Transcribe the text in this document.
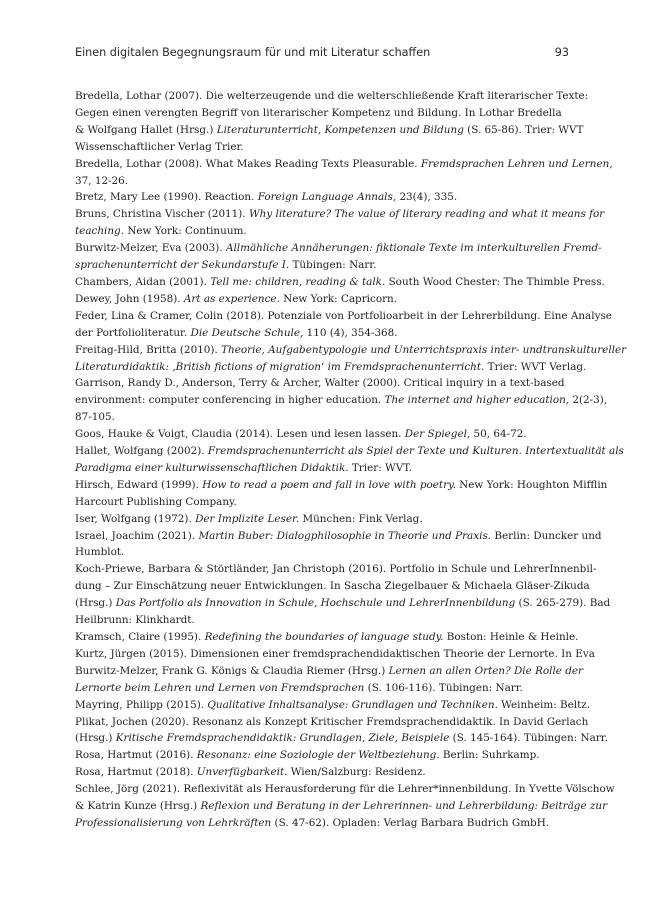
Einen digitalen Begegnungsraum für und mit Literatur schaffen	93
Bredella, Lothar (2007). Die welterzeugende und die welterschließende Kraft literarischer Texte:
Gegen einen verengten Begriff von literarischer Kompetenz und Bildung. In Lothar Bredella
& Wolfgang Hallet (Hrsg.) Literaturunterricht, Kompetenzen und Bildung (S. 65-86). Trier: WVT
Wissenschaftlicher Verlag Trier.
Bredella, Lothar (2008). What Makes Reading Texts Pleasurable. Fremdsprachen Lehren und Lernen,
37, 12-26.
Bretz, Mary Lee (1990). Reaction. Foreign Language Annals, 23(4), 335.
Bruns, Christina Vischer (2011). Why literature? The value of literary reading and what it means for
teaching. New York: Continuum.
Burwitz-Melzer, Eva (2003). Allmähliche Annäherungen: fiktionale Texte im interkulturellen Fremd-
sprachenunterricht der Sekundarstufe I. Tübingen: Narr.
Chambers, Aidan (2001). Tell me: children, reading & talk. South Wood Chester: The Thimble Press.
Dewey, John (1958). Art as experience. New York: Capricorn.
Feder, Lina & Cramer, Colin (2018). Potenziale von Portfolioarbeit in der Lehrerbildung. Eine Analyse
der Portfolioliteratur. Die Deutsche Schule, 110 (4), 354-368.
Freitag-Hild, Britta (2010). Theorie, Aufgabentypologie und Unterrichtspraxis inter- undtranskultureller
Literaturdidaktik: ‚British fictions of migration‘ im Fremdsprachenunterricht. Trier: WVT Verlag.
Garrison, Randy D., Anderson, Terry & Archer, Walter (2000). Critical inquiry in a text-based
environment: computer conferencing in higher education. The internet and higher education, 2(2-3),
87-105.
Goos, Hauke & Voigt, Claudia (2014). Lesen und lesen lassen. Der Spiegel, 50, 64-72.
Hallet, Wolfgang (2002). Fremdsprachenunterricht als Spiel der Texte und Kulturen. Intertextualität als
Paradigma einer kulturwissenschaftlichen Didaktik. Trier: WVT.
Hirsch, Edward (1999). How to read a poem and fall in love with poetry. New York: Houghton Mifflin
Harcourt Publishing Company.
Iser, Wolfgang (1972). Der Implizite Leser. München: Fink Verlag.
Israel, Joachim (2021). Martin Buber: Dialogphilosophie in Theorie und Praxis. Berlin: Duncker und
Humblot.
Koch-Priewe, Barbara & Störtländer, Jan Christoph (2016). Portfolio in Schule und LehrerInnenbil-
dung – Zur Einschätzung neuer Entwicklungen. In Sascha Ziegelbauer & Michaela Gläser-Zikuda
(Hrsg.) Das Portfolio als Innovation in Schule, Hochschule und LehrerInnenbildung (S. 265-279). Bad
Heilbrunn: Klinkhardt.
Kramsch, Claire (1995). Redefining the boundaries of language study. Boston: Heinle & Heinle.
Kurtz, Jürgen (2015). Dimensionen einer fremdsprachendidaktischen Theorie der Lernorte. In Eva
Burwitz-Melzer, Frank G. Königs & Claudia Riemer (Hrsg.) Lernen an allen Orten? Die Rolle der
Lernorte beim Lehren und Lernen von Fremdsprachen (S. 106-116). Tübingen: Narr.
Mayring, Philipp (2015). Qualitative Inhaltsanalyse: Grundlagen und Techniken. Weinheim: Beltz.
Plikat, Jochen (2020). Resonanz als Konzept Kritischer Fremdsprachendidaktik. In David Gerlach
(Hrsg.) Kritische Fremdsprachendidaktik: Grundlagen, Ziele, Beispiele (S. 145-164). Tübingen: Narr.
Rosa, Hartmut (2016). Resonanz: eine Soziologie der Weltbeziehung. Berlin: Suhrkamp.
Rosa, Hartmut (2018). Unverfügbarkeit. Wien/Salzburg: Residenz.
Schlee, Jörg (2021). Reflexivität als Herausforderung für die Lehrer*innenbildung. In Yvette Völschow
& Katrin Kunze (Hrsg.) Reflexion und Beratung in der Lehrerinnen- und Lehrerbildung: Beiträge zur
Professionalisierung von Lehrkräften (S. 47-62). Opladen: Verlag Barbara Budrich GmbH.
